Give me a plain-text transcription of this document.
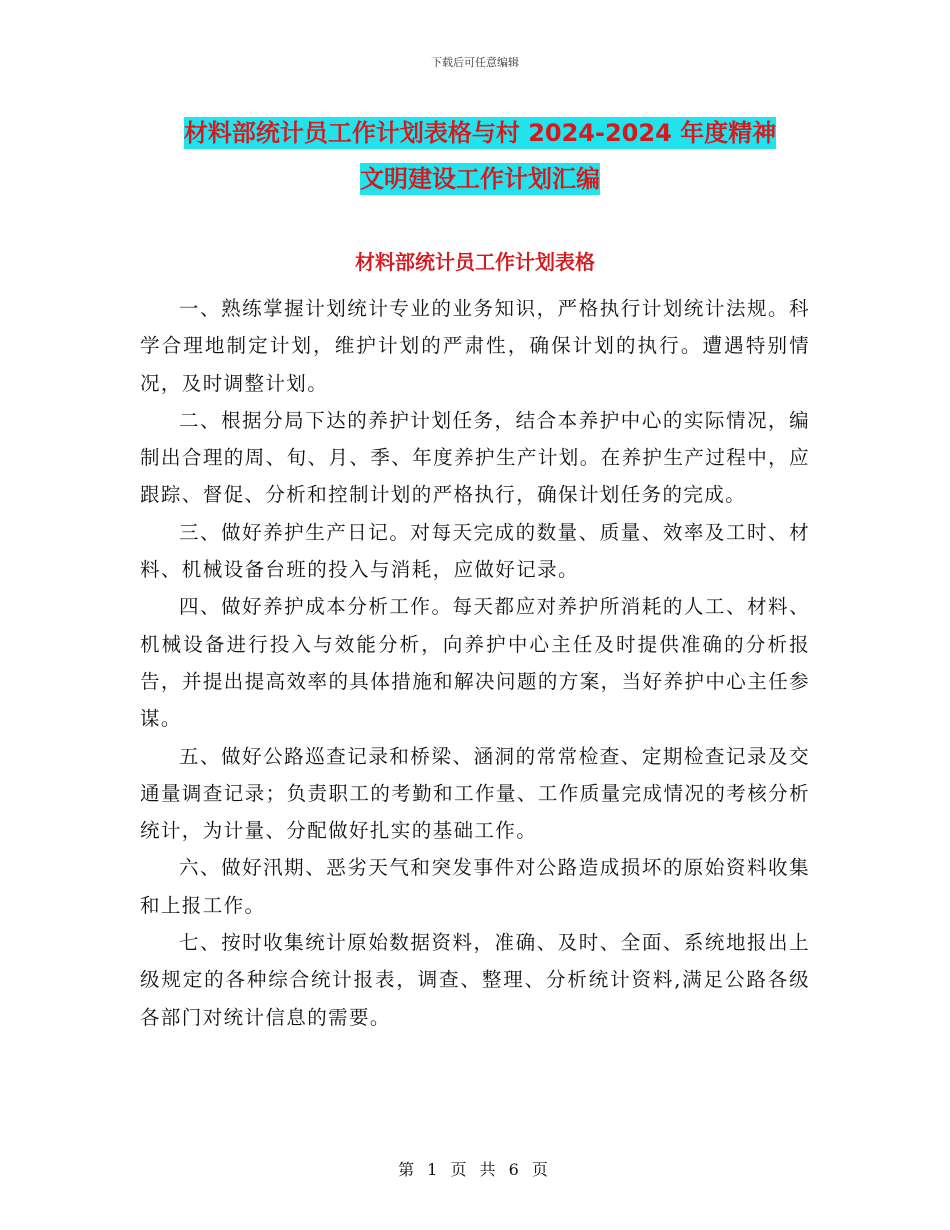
下载后可任意编辑
材料部统计员工作计划表格与村 2024-2024 年度精神
文明建设工作计划汇编
材料部统计员工作计划表格

一、熟练掌握计划统计专业的业务知识，严格执行计划统计法规。科学合理地制定计划，维护计划的严肃性，确保计划的执行。遭遇特别情况，及时调整计划。

二、根据分局下达的养护计划任务，结合本养护中心的实际情况，编制出合理的周、旬、月、季、年度养护生产计划。在养护生产过程中，应跟踪、督促、分析和控制计划的严格执行，确保计划任务的完成。

三、做好养护生产日记。对每天完成的数量、质量、效率及工时、材料、机械设备台班的投入与消耗，应做好记录。

四、做好养护成本分析工作。每天都应对养护所消耗的人工、材料、机械设备进行投入与效能分析，向养护中心主任及时提供准确的分析报告，并提出提高效率的具体措施和解决问题的方案，当好养护中心主任参谋。

五、做好公路巡查记录和桥梁、涵洞的常常检查、定期检查记录及交通量调查记录；负责职工的考勤和工作量、工作质量完成情况的考核分析统计，为计量、分配做好扎实的基础工作。

六、做好汛期、恶劣天气和突发事件对公路造成损坏的原始资料收集和上报工作。

七、按时收集统计原始数据资料，准确、及时、全面、系统地报出上级规定的各种综合统计报表，调查、整理、分析统计资料,满足公路各级各部门对统计信息的需要。

第 1 页 共 6 页
